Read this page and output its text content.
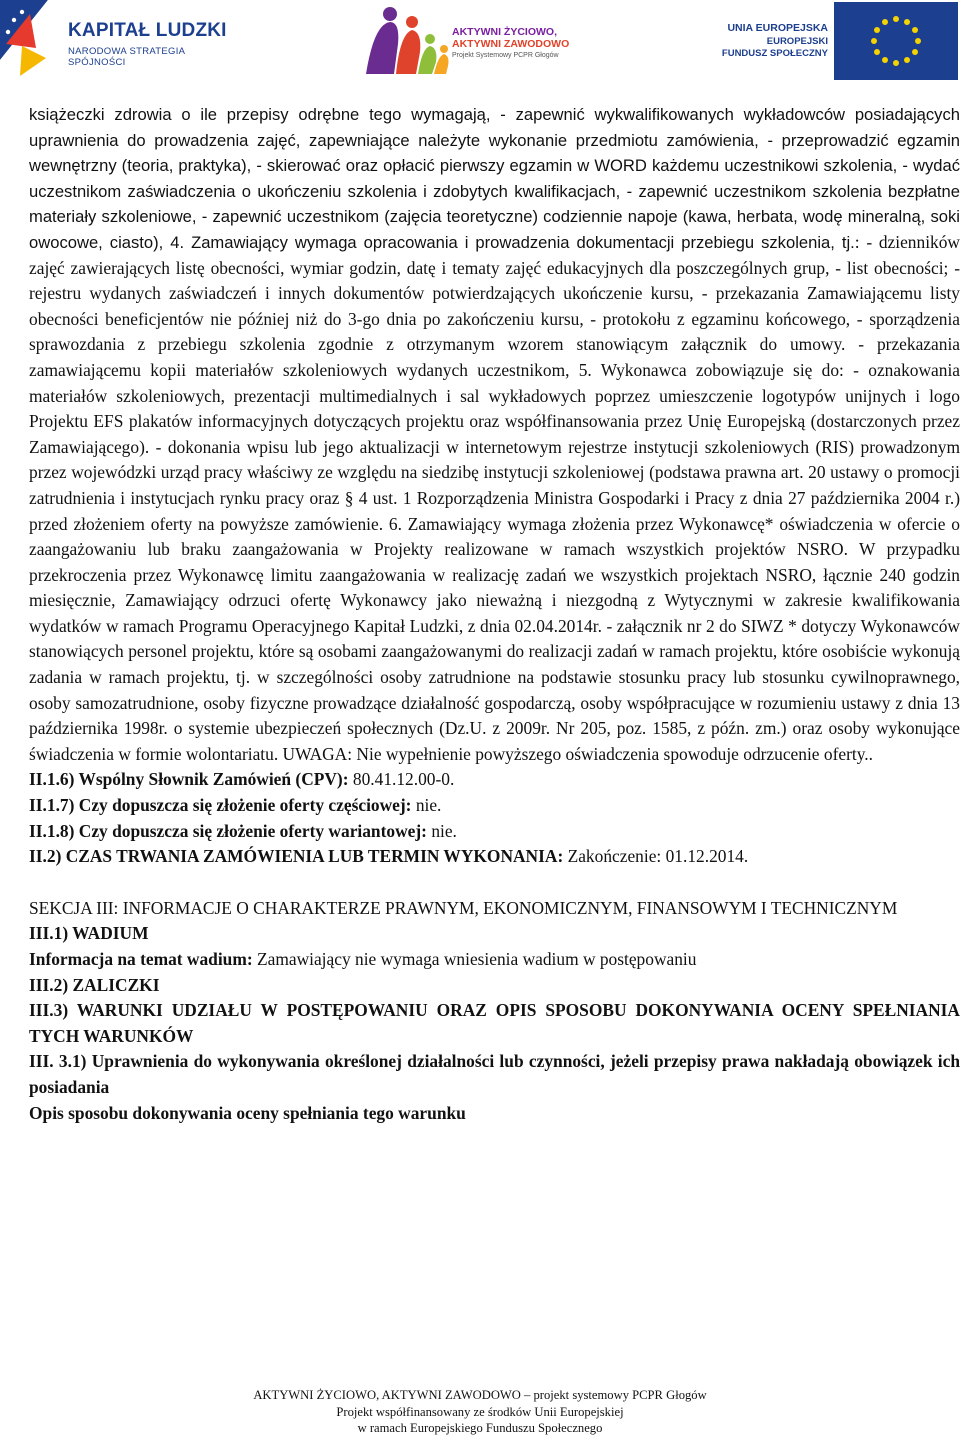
KAPITAŁ LUDZKI
NARODOWA STRATEGIA SPÓJNOŚCI
AKTYWNI ŻYCIOWO,
AKTYWNI ZAWODOWO
Projekt Systemowy PCPR Głogów
UNIA EUROPEJSKA
EUROPEJSKI
FUNDUSZ SPOŁECZNY

książeczki zdrowia o ile przepisy odrębne tego wymagają, - zapewnić wykwalifikowanych wykładowców posiadających uprawnienia do prowadzenia zajęć, zapewniające należyte wykonanie przedmiotu zamówienia, - przeprowadzić egzamin wewnętrzny (teoria, praktyka), - skierować oraz opłacić pierwszy egzamin w WORD każdemu uczestnikowi szkolenia, - wydać uczestnikom zaświadczenia o ukończeniu szkolenia i zdobytych kwalifikacjach, - zapewnić uczestnikom szkolenia bezpłatne materiały szkoleniowe, - zapewnić uczestnikom (zajęcia teoretyczne) codziennie napoje (kawa, herbata, wodę mineralną, soki owocowe, ciasto), 4. Zamawiający wymaga opracowania i prowadzenia dokumentacji przebiegu szkolenia, tj.: - dzienników zajęć zawierających listę obecności, wymiar godzin, datę i tematy zajęć edukacyjnych dla poszczególnych grup, - list obecności; - rejestru wydanych zaświadczeń i innych dokumentów potwierdzających ukończenie kursu, - przekazania Zamawiającemu listy obecności beneficjentów nie później niż do 3-go dnia po zakończeniu kursu, - protokołu z egzaminu końcowego, - sporządzenia sprawozdania z przebiegu szkolenia zgodnie z otrzymanym wzorem stanowiącym załącznik do umowy. - przekazania zamawiającemu kopii materiałów szkoleniowych wydanych uczestnikom, 5. Wykonawca zobowiązuje się do: - oznakowania materiałów szkoleniowych, prezentacji multimedialnych i sal wykładowych poprzez umieszczenie logotypów unijnych i logo Projektu EFS plakatów informacyjnych dotyczących projektu oraz współfinansowania przez Unię Europejską (dostarczonych przez Zamawiającego). - dokonania wpisu lub jego aktualizacji w internetowym rejestrze instytucji szkoleniowych (RIS) prowadzonym przez wojewódzki urząd pracy właściwy ze względu na siedzibę instytucji szkoleniowej (podstawa prawna art. 20 ustawy o promocji zatrudnienia i instytucjach rynku pracy oraz § 4 ust. 1 Rozporządzenia Ministra Gospodarki i Pracy z dnia 27 października 2004 r.) przed złożeniem oferty na powyższe zamówienie. 6. Zamawiający wymaga złożenia przez Wykonawcę* oświadczenia w ofercie o zaangażowaniu lub braku zaangażowania w Projekty realizowane w ramach wszystkich projektów NSRO. W przypadku przekroczenia przez Wykonawcę limitu zaangażowania w realizację zadań we wszystkich projektach NSRO, łącznie 240 godzin miesięcznie, Zamawiający odrzuci ofertę Wykonawcy jako nieważną i niezgodną z Wytycznymi w zakresie kwalifikowania wydatków w ramach Programu Operacyjnego Kapitał Ludzki, z dnia 02.04.2014r. - załącznik nr 2 do SIWZ * dotyczy Wykonawców stanowiących personel projektu, które są osobami zaangażowanymi do realizacji zadań w ramach projektu, które osobiście wykonują zadania w ramach projektu, tj. w szczególności osoby zatrudnione na podstawie stosunku pracy lub stosunku cywilnoprawnego, osoby samozatrudnione, osoby fizyczne prowadzące działalność gospodarczą, osoby współpracujące w rozumieniu ustawy z dnia 13 października 1998r. o systemie ubezpieczeń społecznych (Dz.U. z 2009r. Nr 205, poz. 1585, z późn. zm.) oraz osoby wykonujące świadczenia w formie wolontariatu. UWAGA: Nie wypełnienie powyższego oświadczenia spowoduje odrzucenie oferty..

II.1.6) Wspólny Słownik Zamówień (CPV): 80.41.12.00-0.

II.1.7) Czy dopuszcza się złożenie oferty częściowej: nie.

II.1.8) Czy dopuszcza się złożenie oferty wariantowej: nie.

II.2) CZAS TRWANIA ZAMÓWIENIA LUB TERMIN WYKONANIA: Zakończenie: 01.12.2014.

SEKCJA III: INFORMACJE O CHARAKTERZE PRAWNYM, EKONOMICZNYM, FINANSOWYM I TECHNICZNYM

III.1) WADIUM

Informacja na temat wadium: Zamawiający nie wymaga wniesienia wadium w postępowaniu

III.2) ZALICZKI

III.3) WARUNKI UDZIAŁU W POSTĘPOWANIU ORAZ OPIS SPOSOBU DOKONYWANIA OCENY SPEŁNIANIA TYCH WARUNKÓW

III. 3.1) Uprawnienia do wykonywania określonej działalności lub czynności, jeżeli przepisy prawa nakładają obowiązek ich posiadania

Opis sposobu dokonywania oceny spełniania tego warunku

AKTYWNI ŻYCIOWO, AKTYWNI ZAWODOWO – projekt systemowy PCPR Głogów
Projekt współfinansowany ze środków Unii Europejskiej
w ramach Europejskiego Funduszu Społecznego
